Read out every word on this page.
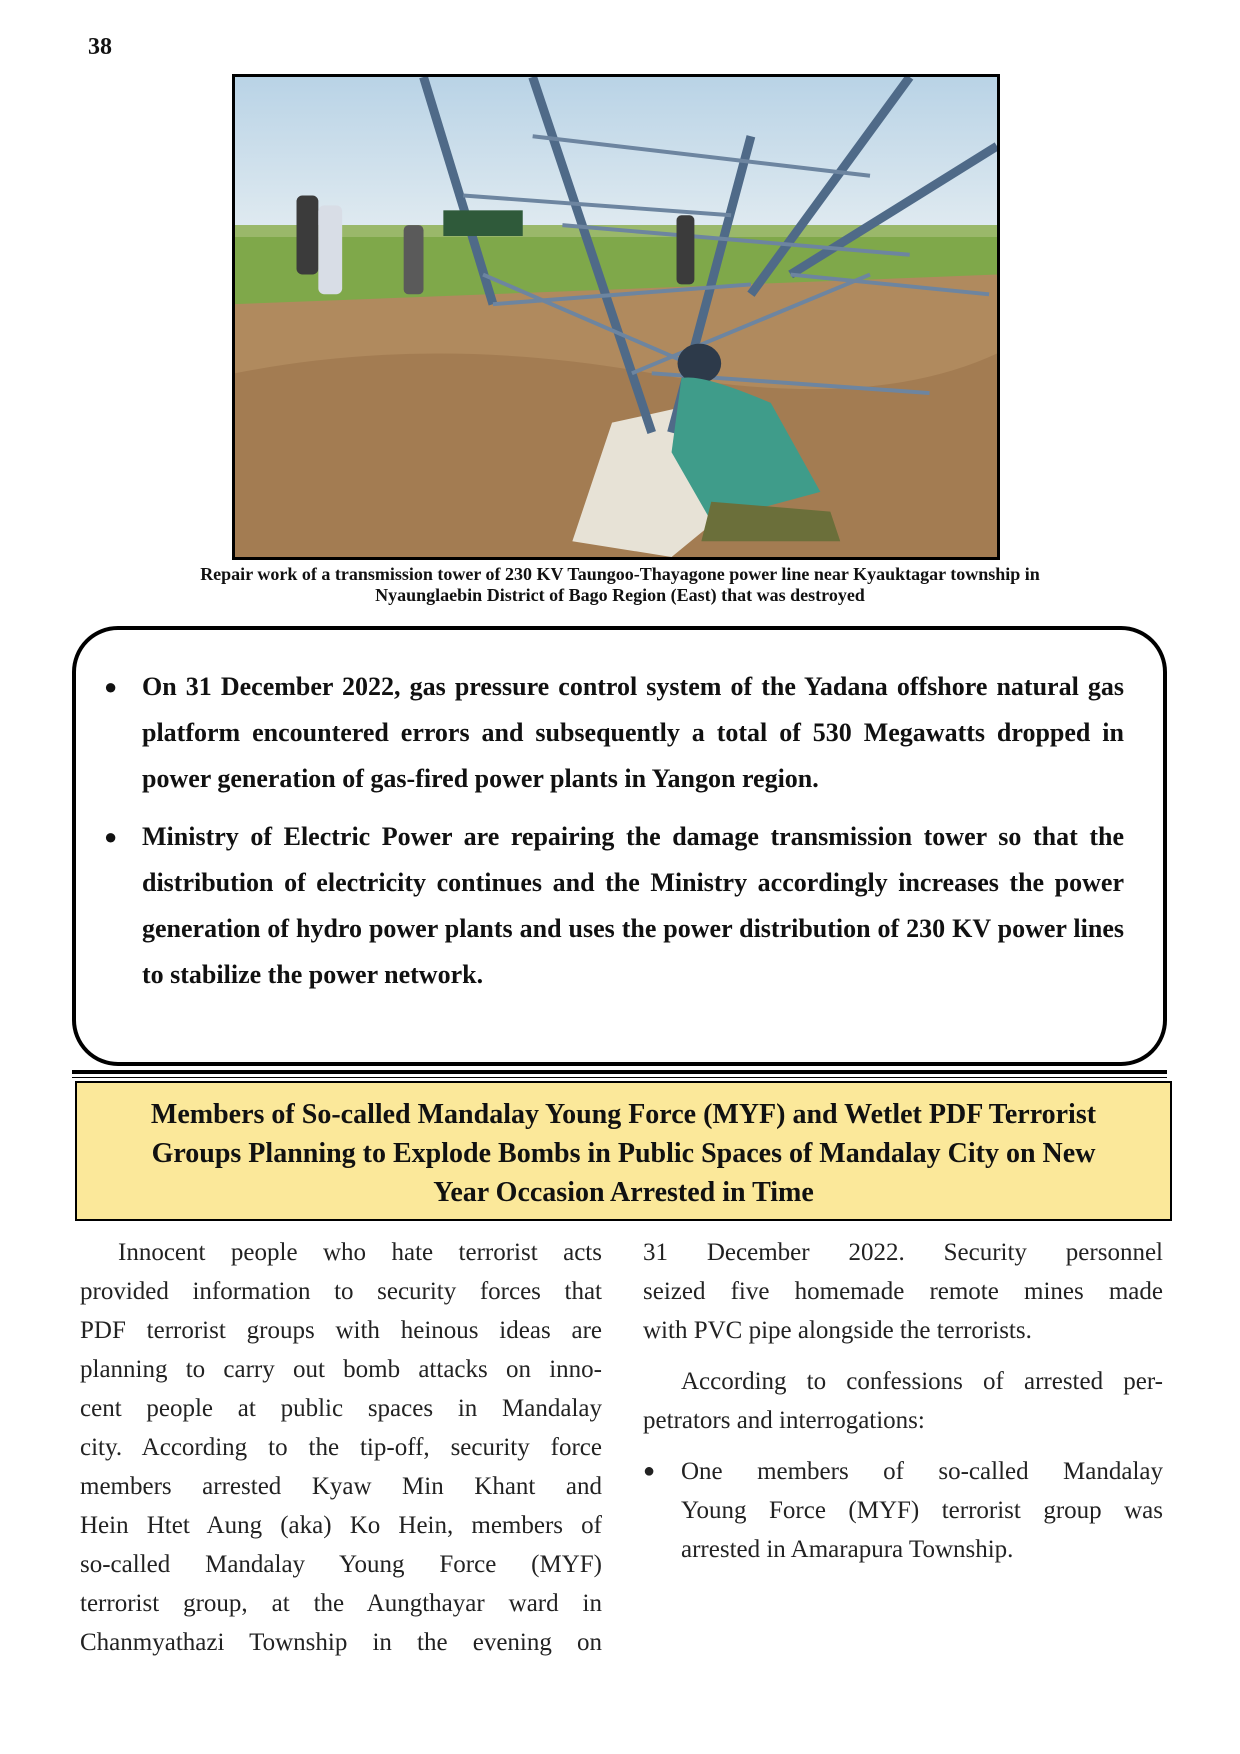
38
Repair work of a transmission tower of 230 KV Taungoo-Thayagone power line near Kyauktagar township in
Nyaunglaebin District of Bago Region (East) that was destroyed
● On 31 December 2022, gas pressure control system of the Yadana offshore natural gas platform encountered errors and subsequently a total of 530 Megawatts dropped in power generation of gas-fired power plants in Yangon region.
● Ministry of Electric Power are repairing the damage transmission tower so that the distribution of electricity continues and the Ministry accordingly increases the power generation of hydro power plants and uses the power distribution of 230 KV power lines to stabilize the power network.
Members of So-called Mandalay Young Force (MYF) and Wetlet PDF Terrorist
Groups Planning to Explode Bombs in Public Spaces of Mandalay City on New
Year Occasion Arrested in Time
Innocent people who hate terrorist acts
provided information to security forces that
PDF terrorist groups with heinous ideas are
planning to carry out bomb attacks on inno-
cent people at public spaces in Mandalay
city. According to the tip-off, security force
members arrested Kyaw Min Khant and
Hein Htet Aung (aka) Ko Hein, members of
so-called Mandalay Young Force (MYF)
terrorist group, at the Aungthayar ward in
Chanmyathazi Township in the evening on
31 December 2022. Security personnel
seized five homemade remote mines made
with PVC pipe alongside the terrorists.
According to confessions of arrested per-
petrators and interrogations:
● One members of so-called Mandalay
Young Force (MYF) terrorist group was
arrested in Amarapura Township.
